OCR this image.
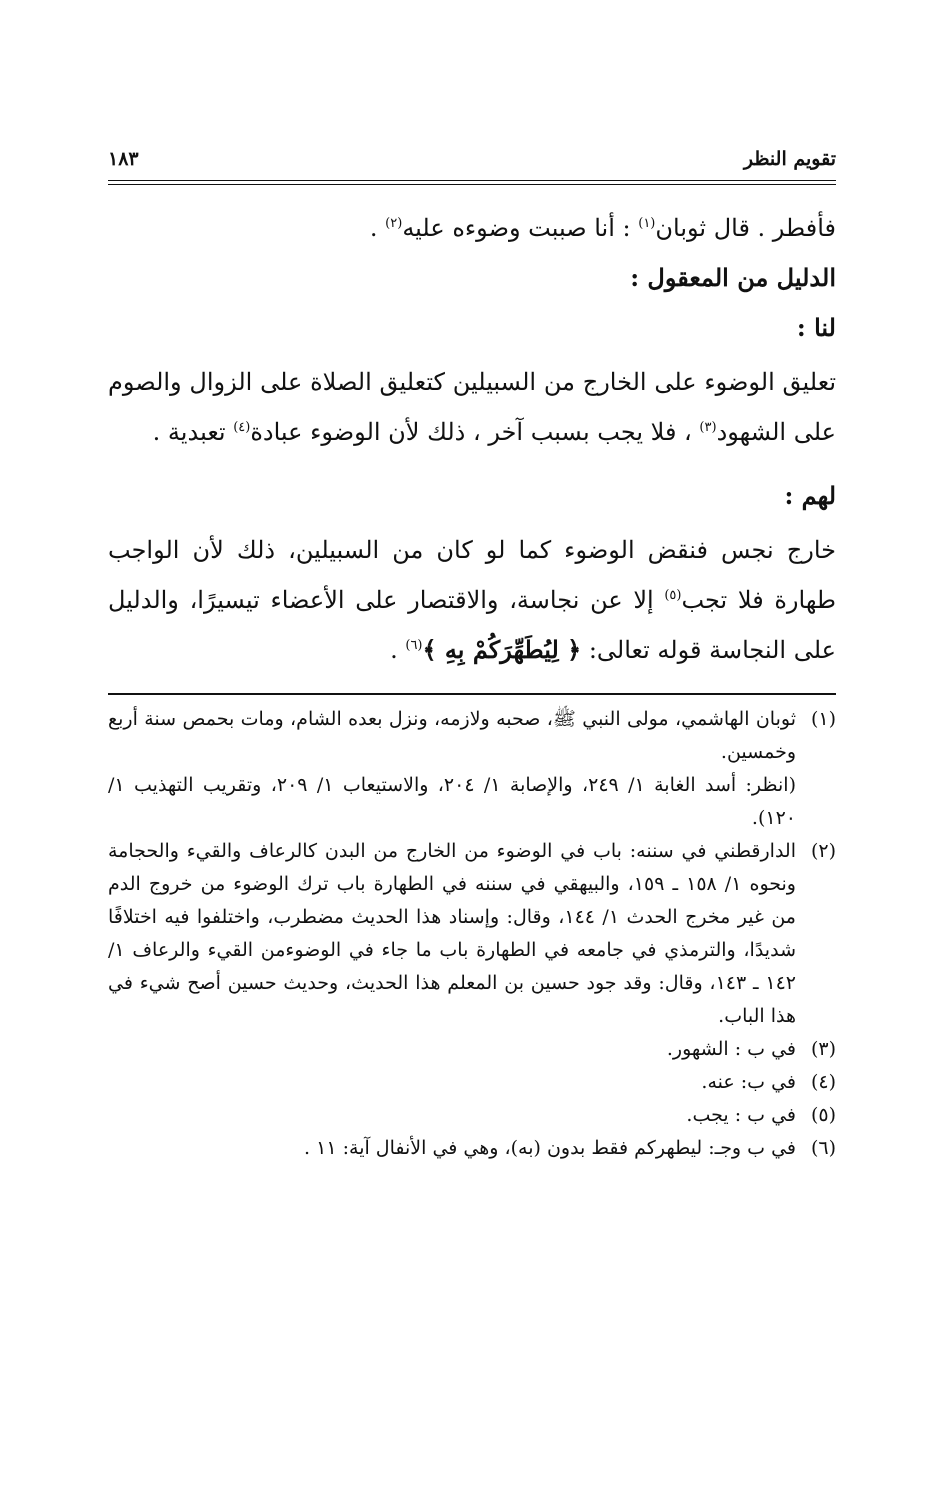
تقويم النظر
١٨٣

فأفطر . قال ثوبان$^{(١)}$ : أنا صببت وضوءه عليه$^{(٢)}$ .

الدليل من المعقول :

لنا :

تعليق الوضوء على الخارج من السبيلين كتعليق الصلاة على الزوال والصوم على الشهود$^{(٣)}$ ، فلا يجب بسبب آخر ، ذلك لأن الوضوء عبادة$^{(٤)}$ تعبدية .

لهم :

خارج نجس فنقض الوضوء كما لو كان من السبيلين، ذلك لأن الواجب طهارة فلا تجب$^{(٥)}$ إلا عن نجاسة، والاقتصار على الأعضاء تيسيرًا، والدليل على النجاسة قوله تعالى: ﴿ لِيُطَهِّرَكُمْ بِهِ ﴾$^{(٦)}$ .

(١)

ثوبان الهاشمي، مولى النبي ﷺ، صحبه ولازمه، ونزل بعده الشام، ومات بحمص سنة أربع وخمسين.

(انظر: أسد الغابة ١/ ٢٤٩، والإصابة ١/ ٢٠٤، والاستيعاب ١/ ٢٠٩، وتقريب التهذيب ١/ ١٢٠).

(٢)

الدارقطني في سننه: باب في الوضوء من الخارج من البدن كالرعاف والقيء والحجامة ونحوه ١/ ١٥٨ ـ ١٥٩، والبيهقي في سننه في الطهارة باب ترك الوضوء من خروج الدم من غير مخرج الحدث ١/ ١٤٤، وقال: وإسناد هذا الحديث مضطرب، واختلفوا فيه اختلافًا شديدًا، والترمذي في جامعه في الطهارة باب ما جاء في الوضوءمن القيء والرعاف ١/ ١٤٢ ـ ١٤٣، وقال: وقد جود حسين بن المعلم هذا الحديث، وحديث حسين أصح شيء في هذا الباب.

(٣)

في ب : الشهور.

(٤)

في ب: عنه.

(٥)

في ب : يجب.

(٦)

في ب وجـ: ليطهركم فقط بدون (به)، وهي في الأنفال آية: ١١ .
